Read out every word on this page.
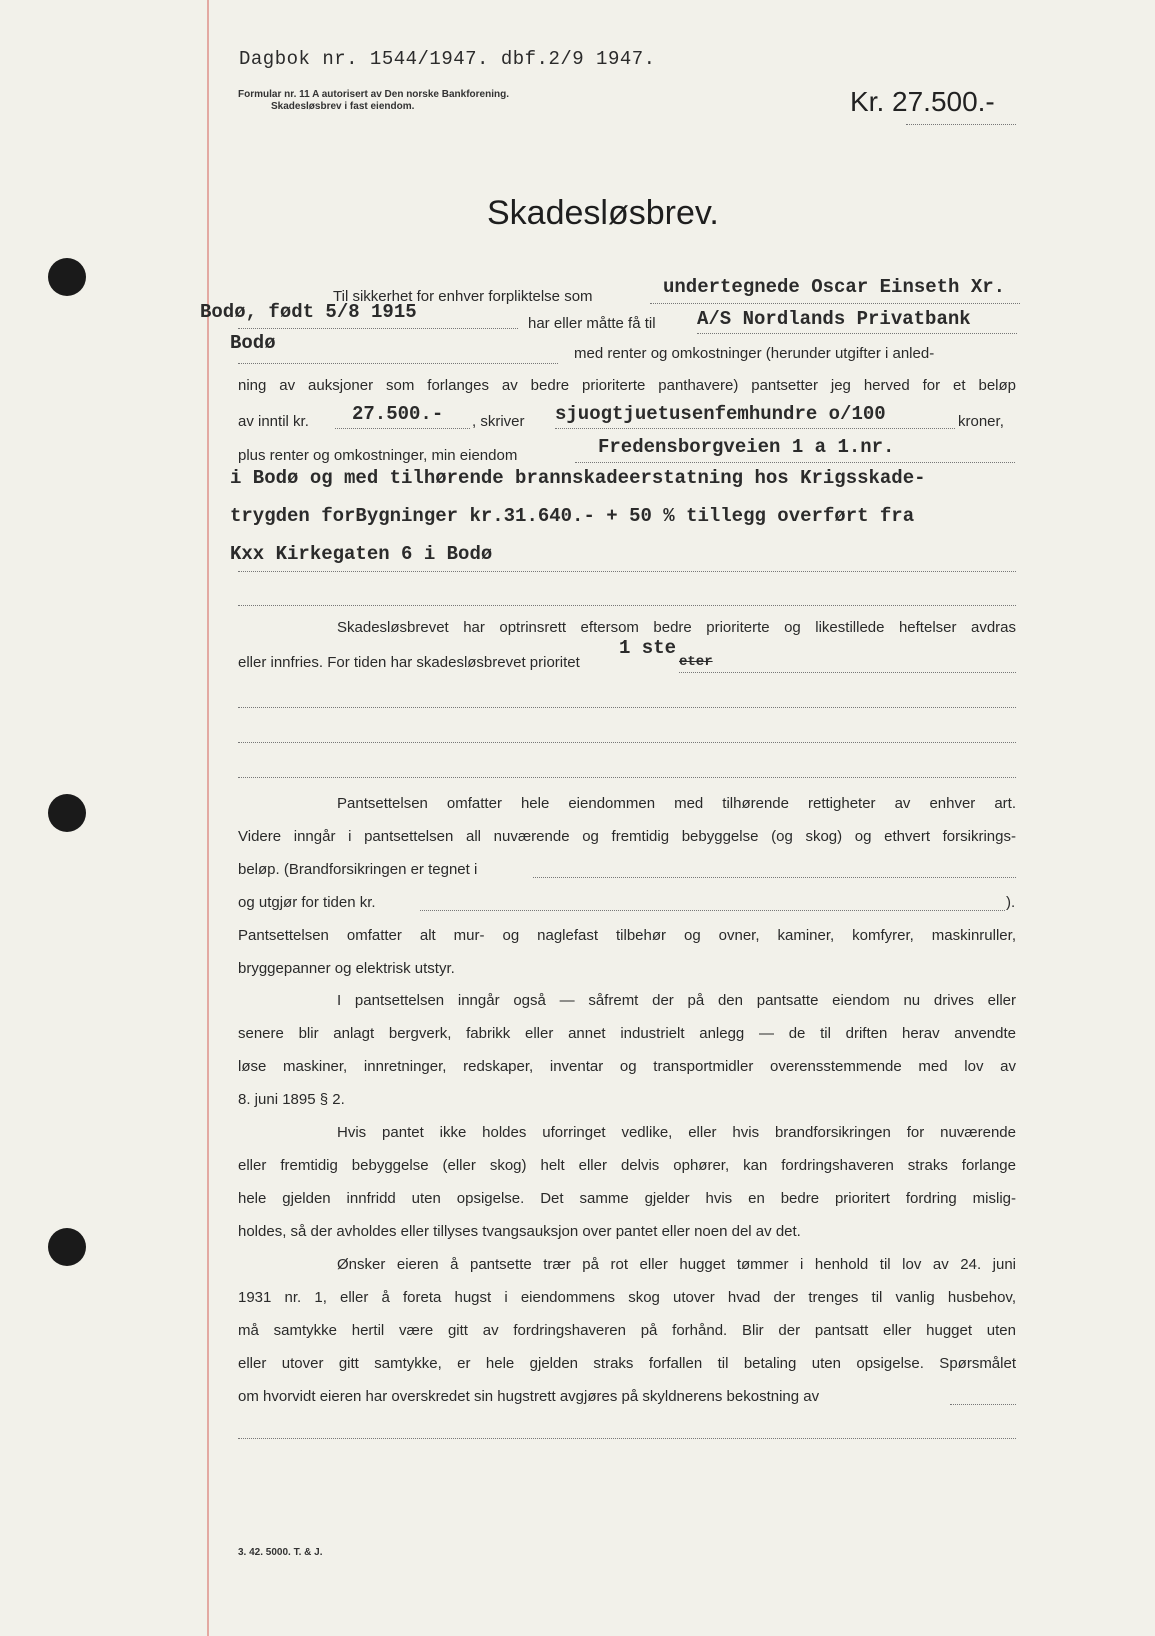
Dagbok nr. 1544/1947. dbf.2/9 1947.
Formular nr. 11 A autorisert av Den norske Bankforening.
Skadesløsbrev i fast eiendom.	Kr. 27.500.-
Skadesløsbrev.
Til sikkerhet for enhver forpliktelse som	undertegnede Oscar Einseth Xr.
Bodø, født 5/8 1915
har eller måtte få til A/S Nordlands Privatbank
Bodø	med renter og omkostninger (herunder utgifter i anled-
ning av auksjoner som forlanges av bedre prioriterte panthavere) pantsetter jeg herved for et beløp
av inntil kr. 27.500.- , skriver sjuogtjuetusenfemhundre o/100	kroner,
plus renter og omkostninger, min eiendom	Fredensborgveien 1 a 1.nr.
i Bodø og med tilhørende brannskadeerstatning hos Krigsskade-
trygden forBygninger kr.31.640.- + 50 % tillegg overført fra
Kxx Kirkegaten 6 i Bodø
Skadesløsbrevet har optrinsrett eftersom bedre prioriterte og likestillede heftelser avdras
eller innfries. For tiden har skadesløsbrevet prioritet
1 ste
eter
Pantsettelsen omfatter hele eiendommen med tilhørende rettigheter av enhver art.
Videre inngår i pantsettelsen all nuværende og fremtidig bebyggelse (og skog) og ethvert forsikrings-
beløp. (Brandforsikringen er tegnet i
og utgjør for tiden kr.	).
Pantsettelsen omfatter alt mur- og naglefast tilbehør og ovner, kaminer, komfyrer, maskinruller,
bryggepanner og elektrisk utstyr.
I pantsettelsen inngår også — såfremt der på den pantsatte eiendom nu drives eller
senere blir anlagt bergverk, fabrikk eller annet industrielt anlegg — de til driften herav anvendte
løse maskiner, innretninger, redskaper, inventar og transportmidler overensstemmende med lov av
8. juni 1895 § 2.
Hvis pantet ikke holdes uforringet vedlike, eller hvis brandforsikringen for nuværende
eller fremtidig bebyggelse (eller skog) helt eller delvis ophører, kan fordringshaveren straks forlange
hele gjelden innfridd uten opsigelse. Det samme gjelder hvis en bedre prioritert fordring mislig-
holdes, så der avholdes eller tillyses tvangsauksjon over pantet eller noen del av det.
Ønsker eieren å pantsette trær på rot eller hugget tømmer i henhold til lov av 24. juni
1931 nr. 1, eller å foreta hugst i eiendommens skog utover hvad der trenges til vanlig husbehov,
må samtykke hertil være gitt av fordringshaveren på forhånd. Blir der pantsatt eller hugget uten
eller utover gitt samtykke, er hele gjelden straks forfallen til betaling uten opsigelse. Spørsmålet
om hvorvidt eieren har overskredet sin hugstrett avgjøres på skyldnerens bekostning av
3. 42. 5000. T. & J.
